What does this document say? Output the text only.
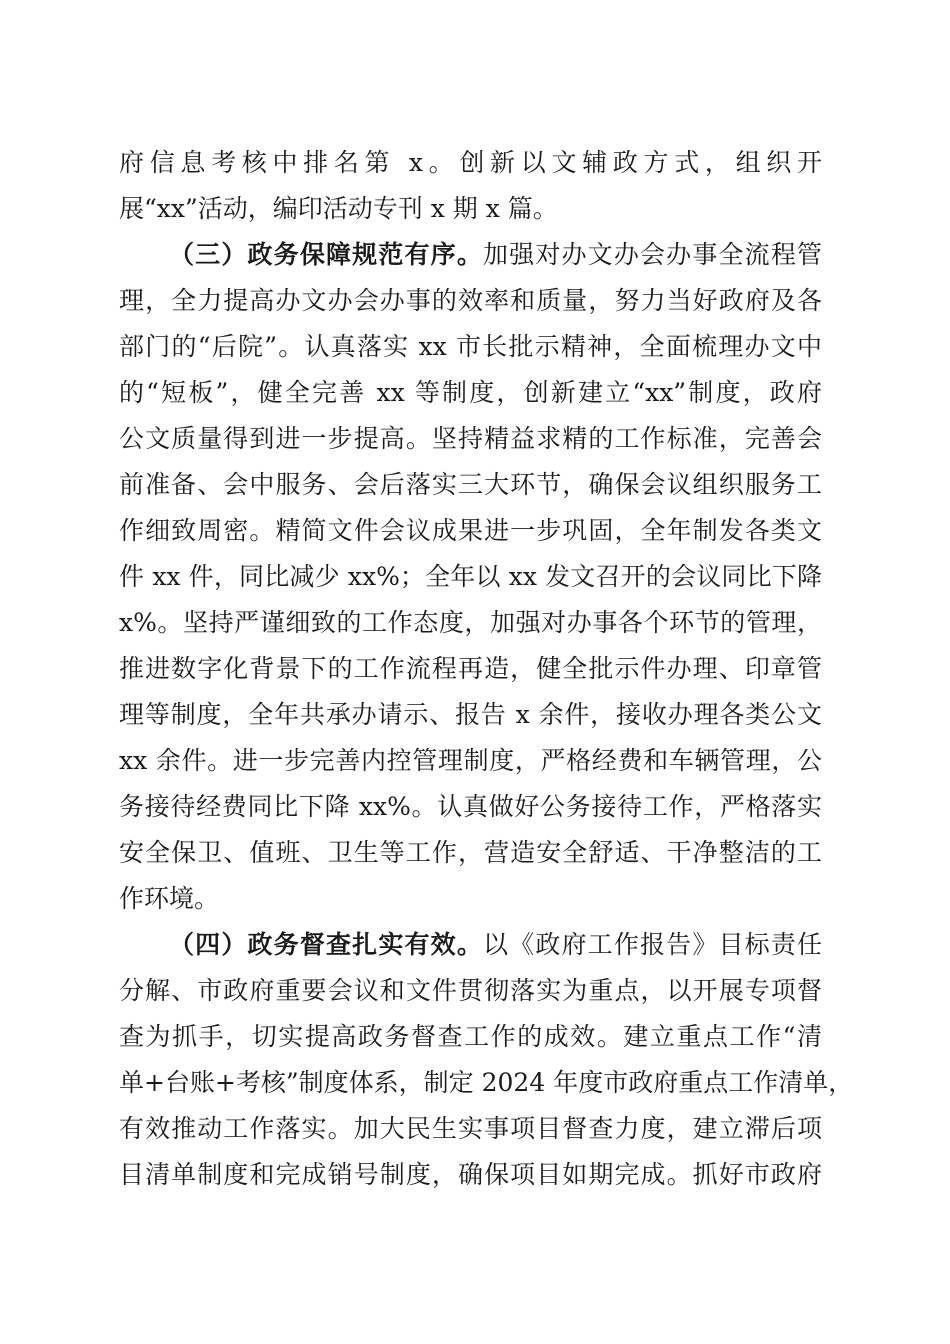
府信息考核中排名第 x。创新以文辅政方式，组织开

展“xx”活动，编印活动专刊 x 期 x 篇。

（三）政务保障规范有序。加强对办文办会办事全流程管

理，全力提高办文办会办事的效率和质量，努力当好政府及各

部门的“后院”。认真落实 xx 市长批示精神，全面梳理办文中

的“短板”，健全完善 xx 等制度，创新建立“xx”制度，政府

公文质量得到进一步提高。坚持精益求精的工作标准，完善会

前准备、会中服务、会后落实三大环节，确保会议组织服务工

作细致周密。精简文件会议成果进一步巩固，全年制发各类文

件 xx 件，同比减少 xx%；全年以 xx 发文召开的会议同比下降

x%。坚持严谨细致的工作态度，加强对办事各个环节的管理，

推进数字化背景下的工作流程再造，健全批示件办理、印章管

理等制度，全年共承办请示、报告 x 余件，接收办理各类公文

xx 余件。进一步完善内控管理制度，严格经费和车辆管理，公

务接待经费同比下降 xx%。认真做好公务接待工作，严格落实

安全保卫、值班、卫生等工作，营造安全舒适、干净整洁的工

作环境。

（四）政务督查扎实有效。以《政府工作报告》目标责任

分解、市政府重要会议和文件贯彻落实为重点，以开展专项督

查为抓手，切实提高政务督查工作的成效。建立重点工作“清

单+台账+考核”制度体系，制定 2024 年度市政府重点工作清单，

有效推动工作落实。加大民生实事项目督查力度，建立滞后项

目清单制度和完成销号制度，确保项目如期完成。抓好市政府
